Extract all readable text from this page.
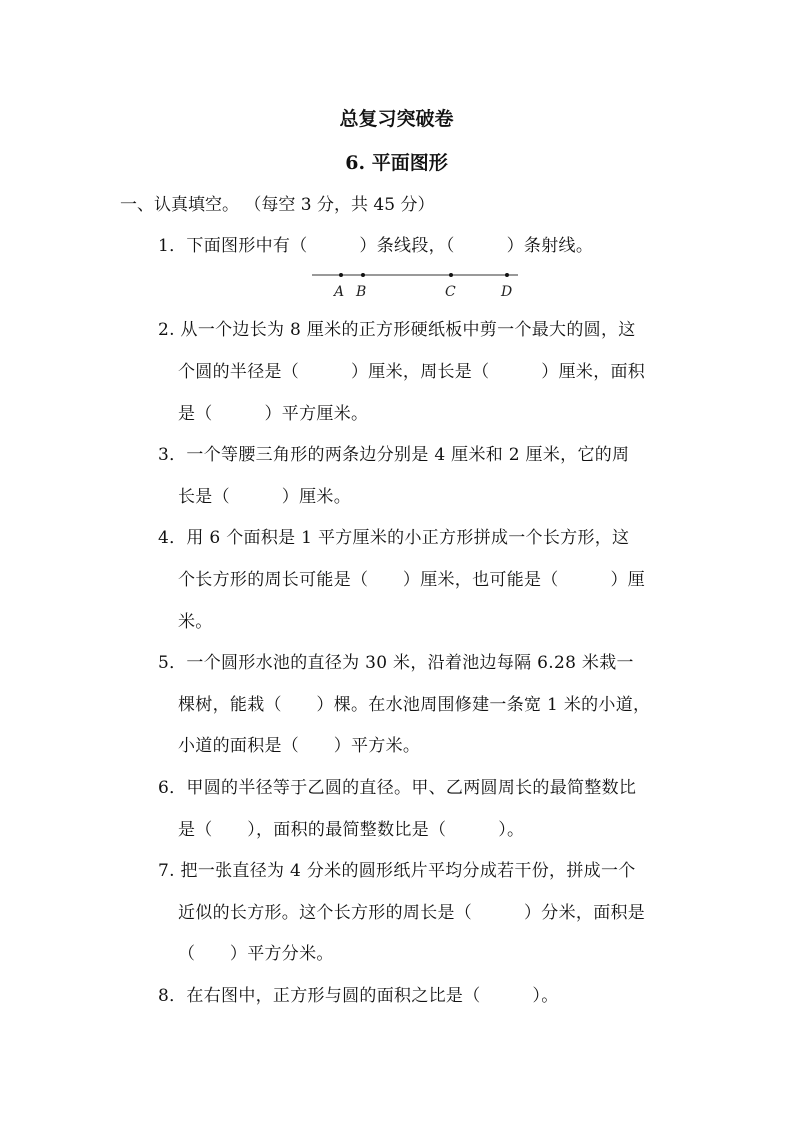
总复习突破卷
6. 平面图形
一、认真填空。 （每空 3 分，共 45 分）
1．下面图形中有（　　　）条线段，（　　　）条射线。
A B	C	D
2. 从一个边长为 8 厘米的正方形硬纸板中剪一个最大的圆，这
个圆的半径是（　　　）厘米，周长是（　　　）厘米，面积
是（　　　）平方厘米。
3．一个等腰三角形的两条边分别是 4 厘米和 2 厘米，它的周
长是（　　　）厘米。
4．用 6 个面积是 1 平方厘米的小正方形拼成一个长方形，这
个长方形的周长可能是（　　）厘米，也可能是（　　　）厘
米。
5．一个圆形水池的直径为 30 米，沿着池边每隔 6.28 米栽一
棵树，能栽（　　）棵。在水池周围修建一条宽 1 米的小道，
小道的面积是（　　）平方米。
6．甲圆的半径等于乙圆的直径。甲、乙两圆周长的最简整数比
是（　　），面积的最简整数比是（　　　）。
7. 把一张直径为 4 分米的圆形纸片平均分成若干份，拼成一个
近似的长方形。这个长方形的周长是（　　　）分米，面积是
（　　）平方分米。
8．在右图中，正方形与圆的面积之比是（　　　）。
